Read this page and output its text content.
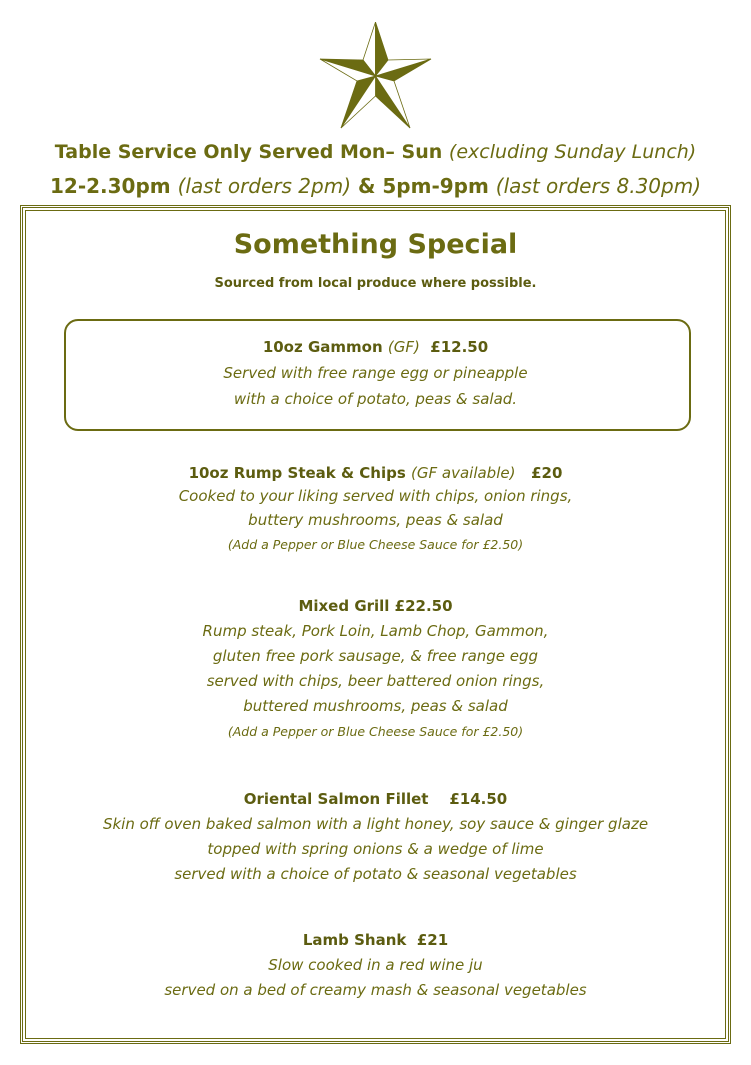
Table Service Only Served Mon– Sun (excluding Sunday Lunch)
12-2.30pm (last orders 2pm) & 5pm-9pm (last orders 8.30pm)
Something Special
Sourced from local produce where possible.
10oz Gammon (GF) £12.50
Served with free range egg or pineapple
with a choice of potato, peas & salad.
10oz Rump Steak & Chips (GF available) £20
Cooked to your liking served with chips, onion rings,
buttery mushrooms, peas & salad
(Add a Pepper or Blue Cheese Sauce for £2.50)
Mixed Grill £22.50
Rump steak, Pork Loin, Lamb Chop, Gammon,
gluten free pork sausage, & free range egg
served with chips, beer battered onion rings,
buttered mushrooms, peas & salad
(Add a Pepper or Blue Cheese Sauce for £2.50)
Oriental Salmon Fillet    £14.50
Skin off oven baked salmon with a light honey, soy sauce & ginger glaze
topped with spring onions & a wedge of lime
served with a choice of potato & seasonal vegetables
Lamb Shank  £21
Slow cooked in a red wine ju
served on a bed of creamy mash & seasonal vegetables
